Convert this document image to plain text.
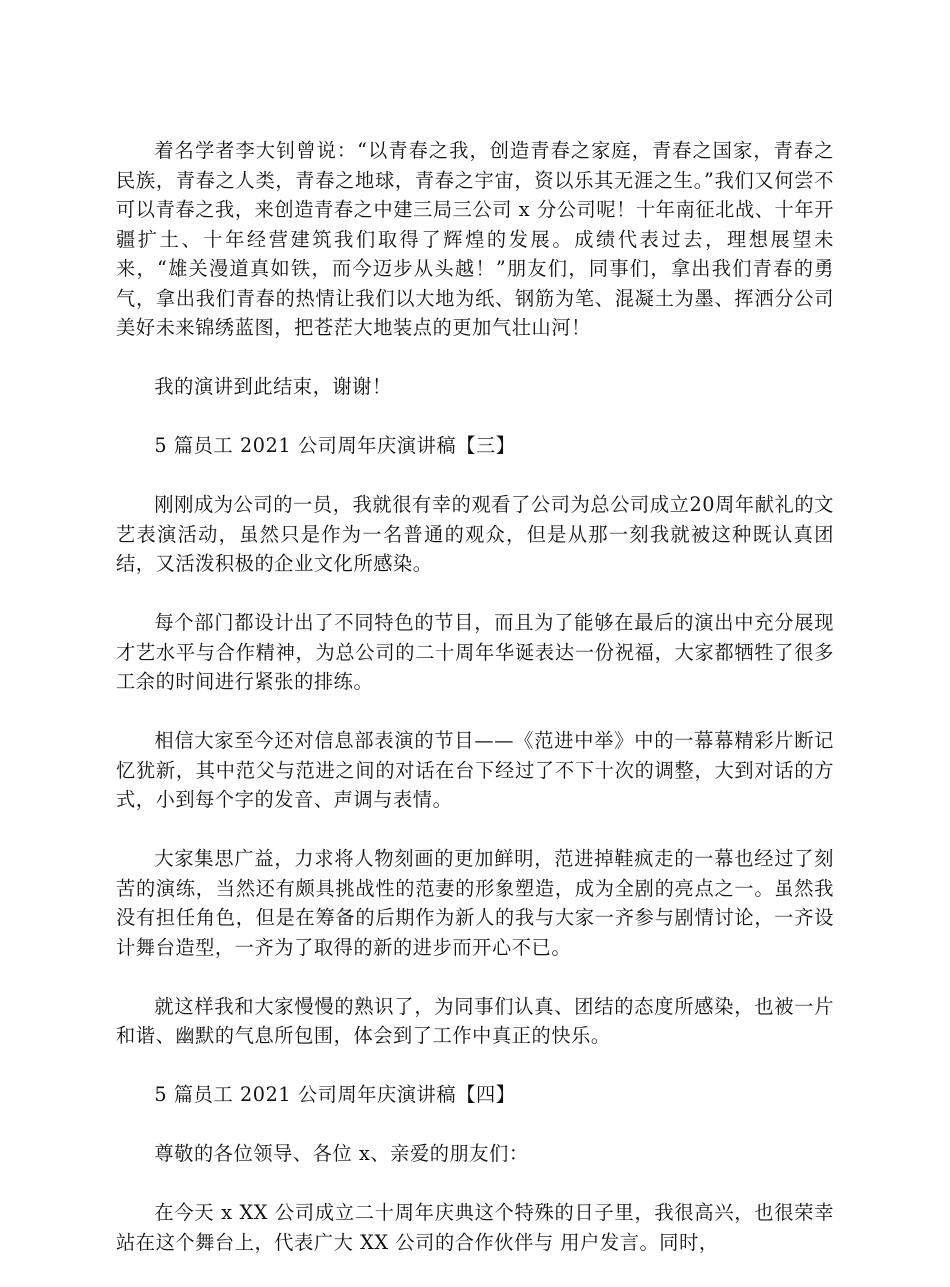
着名学者李大钊曾说：“以青春之我，创造青春之家庭，青春之国家，青春之民族，青春之人类，青春之地球，青春之宇宙，资以乐其无涯之生。”我们又何尝不可以青春之我，来创造青春之中建三局三公司 x 分公司呢！十年南征北战、十年开疆扩土、十年经营建筑我们取得了辉煌的发展。成绩代表过去，理想展望未来，“雄关漫道真如铁，而今迈步从头越！”朋友们，同事们，拿出我们青春的勇气，拿出我们青春的热情让我们以大地为纸、钢筋为笔、混凝土为墨、挥洒分公司美好未来锦绣蓝图，把苍茫大地装点的更加气壮山河！

我的演讲到此结束，谢谢！

5 篇员工 2021 公司周年庆演讲稿【三】

刚刚成为公司的一员，我就很有幸的观看了公司为总公司成立20周年献礼的文艺表演活动，虽然只是作为一名普通的观众，但是从那一刻我就被这种既认真团结，又活泼积极的企业文化所感染。

每个部门都设计出了不同特色的节目，而且为了能够在最后的演出中充分展现才艺水平与合作精神，为总公司的二十周年华诞表达一份祝福，大家都牺牲了很多工余的时间进行紧张的排练。

相信大家至今还对信息部表演的节目——《范进中举》中的一幕幕精彩片断记忆犹新，其中范父与范进之间的对话在台下经过了不下十次的调整，大到对话的方式，小到每个字的发音、声调与表情。

大家集思广益，力求将人物刻画的更加鲜明，范进掉鞋疯走的一幕也经过了刻苦的演练，当然还有颇具挑战性的范妻的形象塑造，成为全剧的亮点之一。虽然我没有担任角色，但是在筹备的后期作为新人的我与大家一齐参与剧情讨论，一齐设计舞台造型，一齐为了取得的新的进步而开心不已。

就这样我和大家慢慢的熟识了，为同事们认真、团结的态度所感染，也被一片和谐、幽默的气息所包围，体会到了工作中真正的快乐。

5 篇员工 2021 公司周年庆演讲稿【四】

尊敬的各位领导、各位 x、亲爱的朋友们：

在今天 x XX 公司成立二十周年庆典这个特殊的日子里，我很高兴，也很荣幸站在这个舞台上，代表广大 XX 公司的合作伙伴与 用户发言。同时，
